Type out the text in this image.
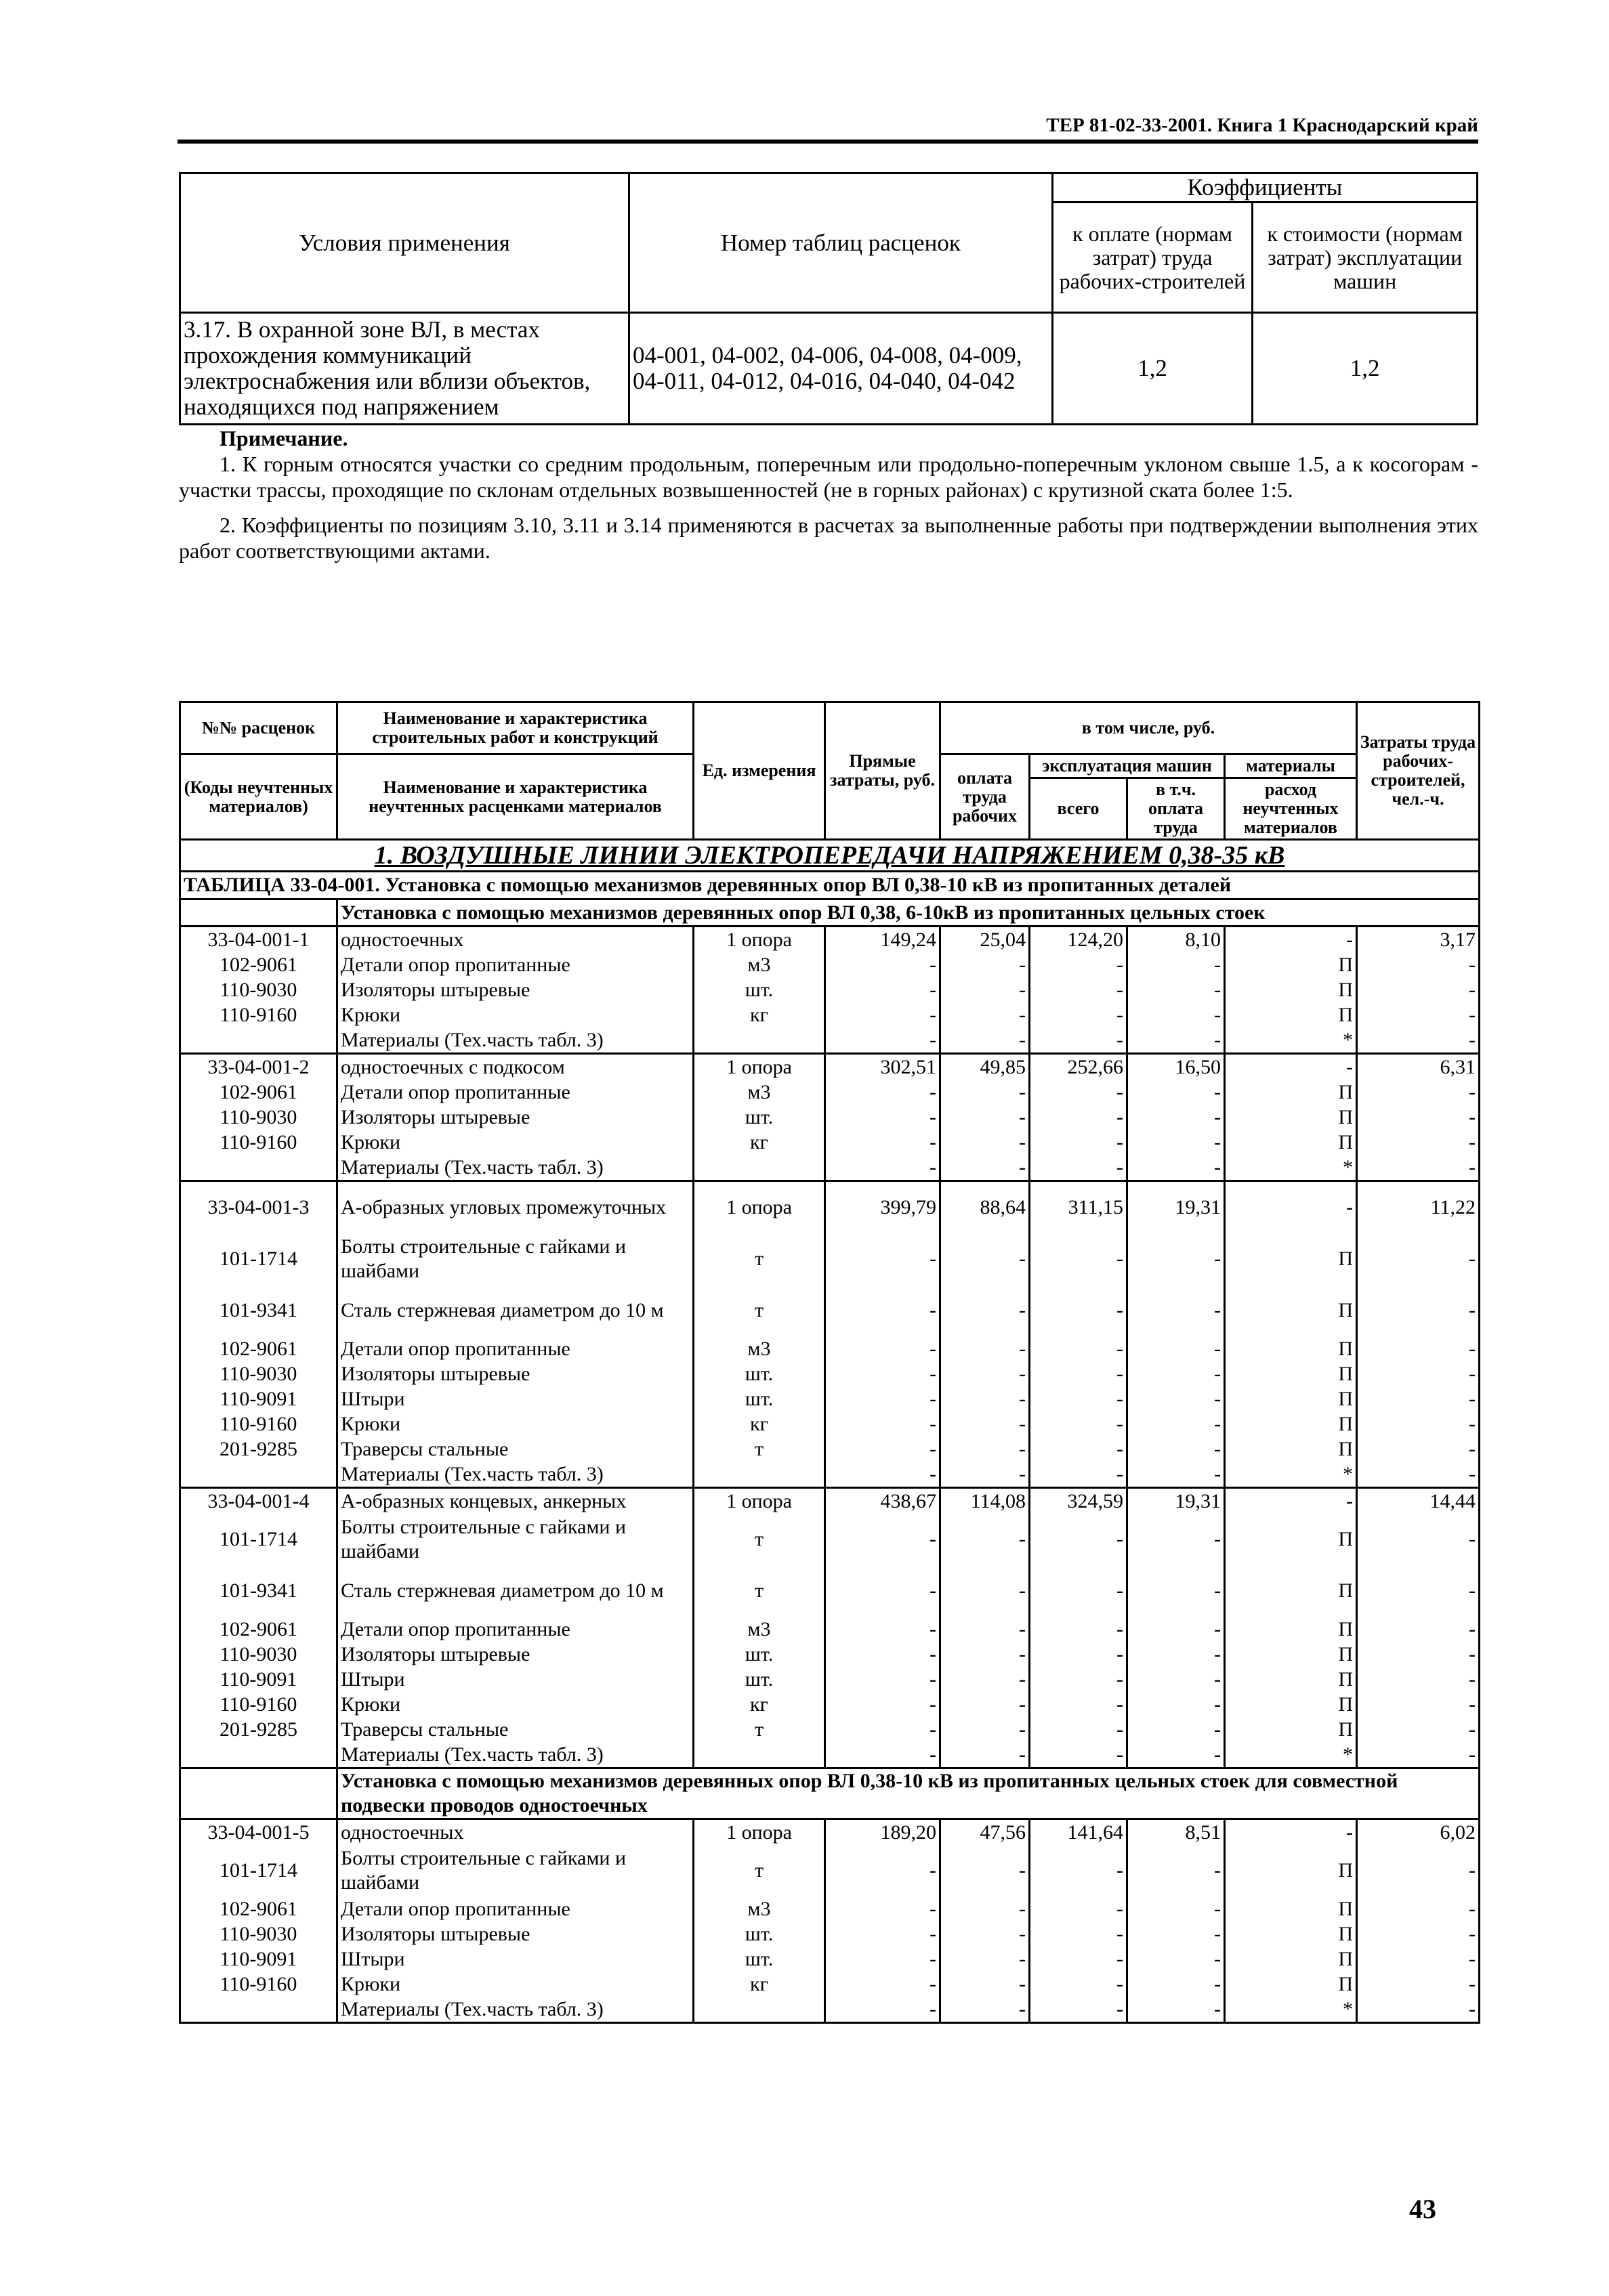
ТЕР 81-02-33-2001. Книга 1 Краснодарский край
Условия применения	Номер таблиц расценок	Коэффициенты	
		к оплате (нормам затрат) труда рабочих-строителей	к стоимости (нормам затрат) эксплуатации машин
3.17. В охранной зоне ВЛ, в местах прохождения коммуникаций электроснабжения или вблизи объектов, находящихся под напряжением	04-001, 04-002, 04-006, 04-008, 04-009, 04-011, 04-012, 04-016, 04-040, 04-042	1,2	1,2
Примечание.

1. К горным относятся участки со средним продольным, поперечным или продольно-поперечным уклоном свыше 1.5, а к косогорам - участки трассы, проходящие по склонам отдельных возвышенностей (не в горных районах) с крутизной ската более 1:5.

2. Коэффициенты по позициям 3.10, 3.11 и 3.14 применяются в расчетах за выполненные работы при подтверждении выполнения этих работ соответствующими актами.

№№ расценок	Наименование и характеристика строительных работ и конструкций	Ед. измерения	Прямые затраты, руб.	в том числе, руб.				Затраты труда рабочих-строителей, чел.-ч.
(Коды неучтенных материалов)	Наименование и характеристика неучтенных расценками материалов			оплата труда рабочих	эксплуатация машин		материалы	
					всего	в т.ч. оплата труда	расход неучтенных материалов	
1. ВОЗДУШНЫЕ ЛИНИИ ЭЛЕКТРОПЕРЕДАЧИ НАПРЯЖЕНИЕМ 0,38-35 кВ								
ТАБЛИЦА 33-04-001. Установка с помощью механизмов деревянных опор ВЛ 0,38-10 кВ из пропитанных деталей								
	Установка с помощью механизмов деревянных опор ВЛ 0,38, 6-10кВ из пропитанных цельных стоек							
33-04-001-1	одностоечных	1 опора	149,24	25,04	124,20	8,10	-	3,17
102-9061	Детали опор пропитанные	м3	-	-	-	-	П	-
110-9030	Изоляторы штыревые	шт.	-	-	-	-	П	-
110-9160	Крюки	кг	-	-	-	-	П	-
	Материалы (Тех.часть табл. 3)		-	-	-	-	*	-
33-04-001-2	одностоечных с подкосом	1 опора	302,51	49,85	252,66	16,50	-	6,31
102-9061	Детали опор пропитанные	м3	-	-	-	-	П	-
110-9030	Изоляторы штыревые	шт.	-	-	-	-	П	-
110-9160	Крюки	кг	-	-	-	-	П	-
	Материалы (Тех.часть табл. 3)		-	-	-	-	*	-
33-04-001-3	А-образных угловых промежуточных	1 опора	399,79	88,64	311,15	19,31	-	11,22
101-1714	Болты строительные с гайками и шайбами	т	-	-	-	-	П	-
101-9341	Сталь стержневая диаметром до 10 м	т	-	-	-	-	П	-
102-9061	Детали опор пропитанные	м3	-	-	-	-	П	-
110-9030	Изоляторы штыревые	шт.	-	-	-	-	П	-
110-9091	Штыри	шт.	-	-	-	-	П	-
110-9160	Крюки	кг	-	-	-	-	П	-
201-9285	Траверсы стальные	т	-	-	-	-	П	-
	Материалы (Тех.часть табл. 3)		-	-	-	-	*	-
33-04-001-4	А-образных концевых, анкерных	1 опора	438,67	114,08	324,59	19,31	-	14,44
101-1714	Болты строительные с гайками и шайбами	т	-	-	-	-	П	-
101-9341	Сталь стержневая диаметром до 10 м	т	-	-	-	-	П	-
102-9061	Детали опор пропитанные	м3	-	-	-	-	П	-
110-9030	Изоляторы штыревые	шт.	-	-	-	-	П	-
110-9091	Штыри	шт.	-	-	-	-	П	-
110-9160	Крюки	кг	-	-	-	-	П	-
201-9285	Траверсы стальные	т	-	-	-	-	П	-
	Материалы (Тех.часть табл. 3)		-	-	-	-	*	-
	Установка с помощью механизмов деревянных опор ВЛ 0,38-10 кВ из пропитанных цельных стоек для совместной подвески проводов одностоечных							
33-04-001-5	одностоечных	1 опора	189,20	47,56	141,64	8,51	-	6,02
101-1714	Болты строительные с гайками и шайбами	т	-	-	-	-	П	-
102-9061	Детали опор пропитанные	м3	-	-	-	-	П	-
110-9030	Изоляторы штыревые	шт.	-	-	-	-	П	-
110-9091	Штыри	шт.	-	-	-	-	П	-
110-9160	Крюки	кг	-	-	-	-	П	-
	Материалы (Тех.часть табл. 3)		-	-	-	-	*	-
43
